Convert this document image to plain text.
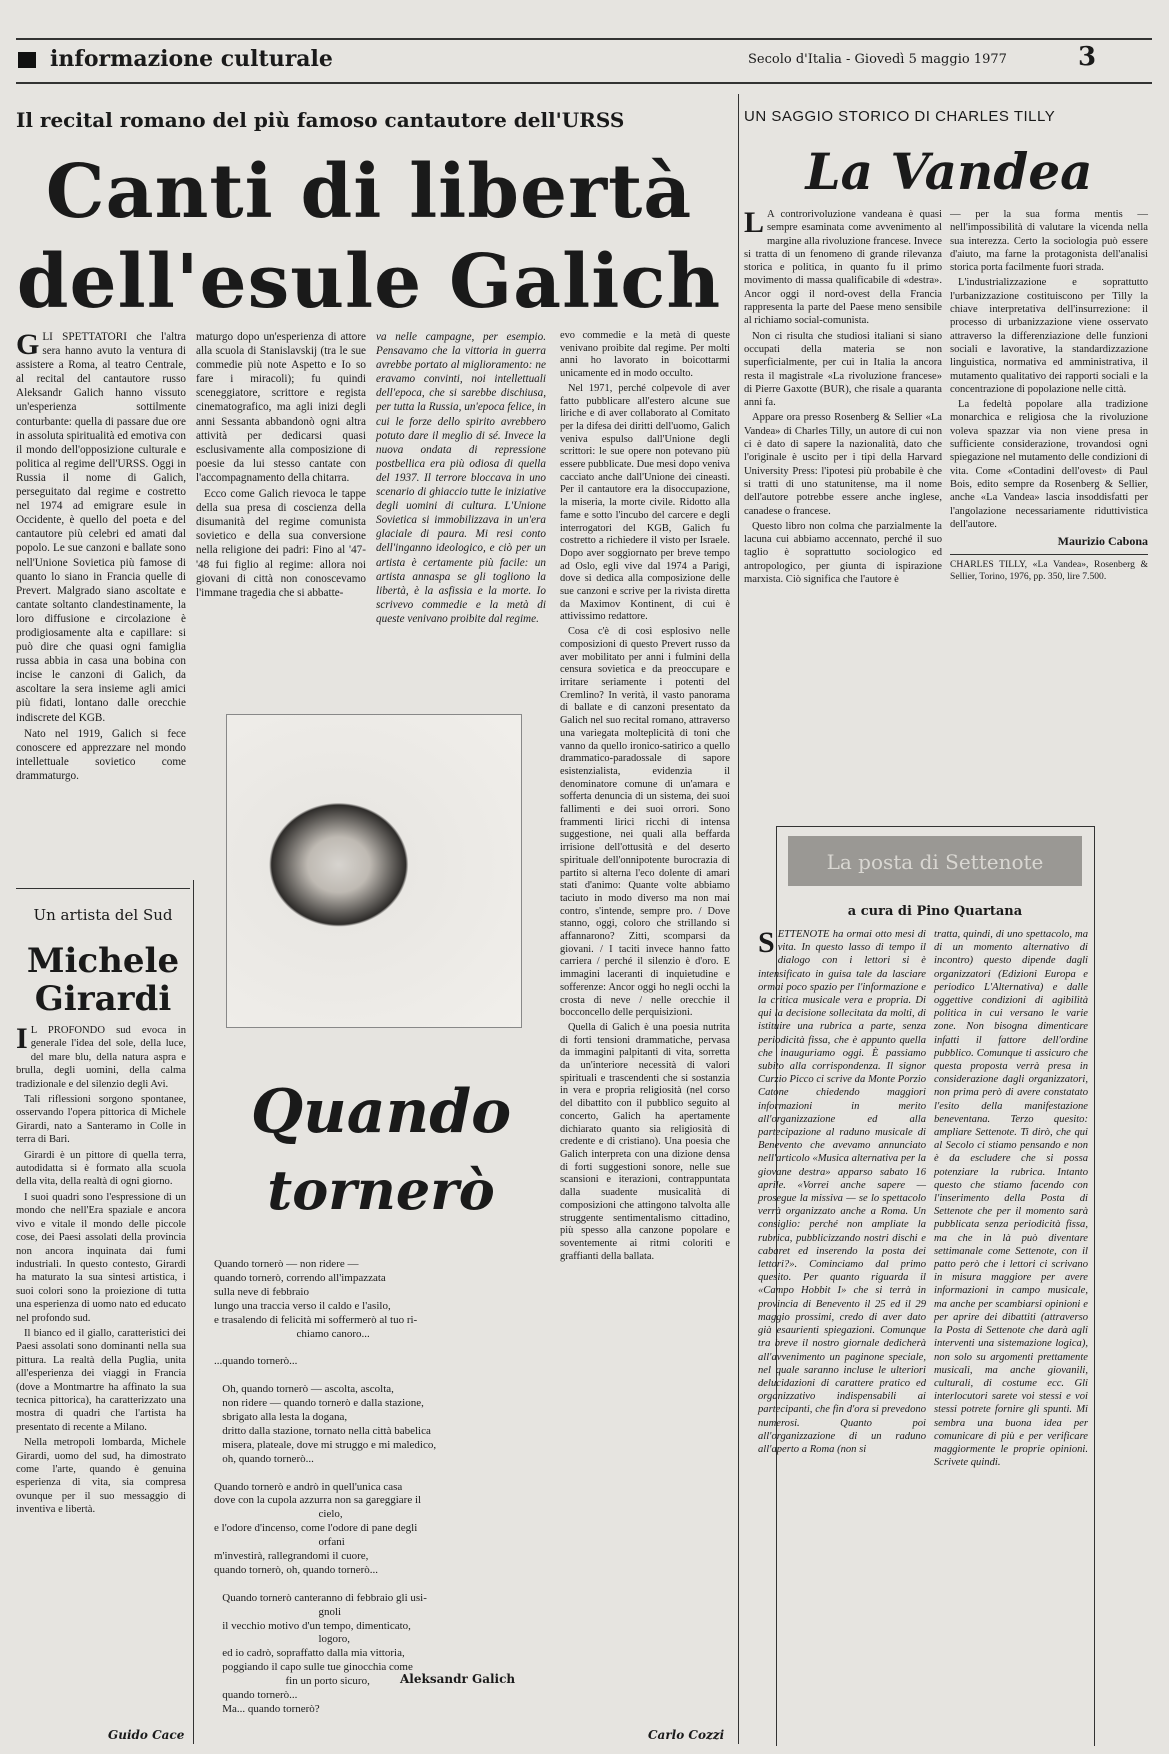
informazione culturale	Secolo d'Italia - Giovedì 5 maggio 1977	3
Il recital romano del più famoso cantautore dell'URSS
Canti di libertà
dell'esule Galich

GLI SPETTATORI che l'altra sera hanno avuto la ventura di assistere a Roma, al teatro Centrale, al recital del cantautore russo Aleksandr Galich hanno vissuto un'esperienza sottilmente conturbante: quella di passare due ore in assoluta spiritualità ed emotiva con il mondo dell'opposizione culturale e politica al regime dell'URSS. Oggi in Russia il nome di Galich, perseguitato dal regime e costretto nel 1974 ad emigrare esule in Occidente, è quello del poeta e del cantautore più celebri ed amati dal popolo. Le sue canzoni e ballate sono nell'Unione Sovietica più famose di quanto lo siano in Francia quelle di Prevert. Malgrado siano ascoltate e cantate soltanto clandestinamente, la loro diffusione e circolazione è prodigiosamente alta e capillare: si può dire che quasi ogni famiglia russa abbia in casa una bobina con incise le canzoni di Galich, da ascoltare la sera insieme agli amici più fidati, lontano dalle orecchie indiscrete del KGB.

Nato nel 1919, Galich si fece conoscere ed apprezzare nel mondo intellettuale sovietico come drammaturgo.

maturgo dopo un'esperienza di attore alla scuola di Stanislavskij (tra le sue commedie più note Aspetto e Io so fare i miracoli); fu quindi sceneggiatore, scrittore e regista cinematografico, ma agli inizi degli anni Sessanta abbandonò ogni altra attività per dedicarsi quasi esclusivamente alla composizione di poesie da lui stesso cantate con l'accompagnamento della chitarra.

Ecco come Galich rievoca le tappe della sua presa di coscienza della disumanità del regime comunista sovietico e della sua conversione nella religione dei padri: Fino al '47-'48 fui figlio al regime: allora noi giovani di città non conoscevamo l'immane tragedia che si abbatte-

va nelle campagne, per esempio. Pensavamo che la vittoria in guerra avrebbe portato al miglioramento: ne eravamo convinti, noi intellettuali dell'epoca, che si sarebbe dischiusa, per tutta la Russia, un'epoca felice, in cui le forze dello spirito avrebbero potuto dare il meglio di sé. Invece la nuova ondata di repressione postbellica era più odiosa di quella del 1937. Il terrore bloccava in uno scenario di ghiaccio tutte le iniziative degli uomini di cultura. L'Unione Sovietica si immobilizzava in un'era glaciale di paura. Mi resi conto dell'inganno ideologico, e ciò per un artista è certamente più facile: un artista annaspa se gli togliono la libertà, è la asfissia e la morte. Io scrivevo commedie e la metà di queste venivano proibite dal regime.

evo commedie e la metà di queste venivano proibite dal regime. Per molti anni ho lavorato in boicottarmi unicamente ed in modo occulto.

Nel 1971, perché colpevole di aver fatto pubblicare all'estero alcune sue liriche e di aver collaborato al Comitato per la difesa dei diritti dell'uomo, Galich veniva espulso dall'Unione degli scrittori: le sue opere non potevano più essere pubblicate. Due mesi dopo veniva cacciato anche dall'Unione dei cineasti. Per il cantautore era la disoccupazione, la miseria, la morte civile. Ridotto alla fame e sotto l'incubo del carcere e degli interrogatori del KGB, Galich fu costretto a richiedere il visto per Israele. Dopo aver soggiornato per breve tempo ad Oslo, egli vive dal 1974 a Parigi, dove si dedica alla composizione delle sue canzoni e scrive per la rivista diretta da Maximov Kontinent, di cui è attivissimo redattore.

Cosa c'è di così esplosivo nelle composizioni di questo Prevert russo da aver mobilitato per anni i fulmini della censura sovietica e da preoccupare e irritare seriamente i potenti del Cremlino? In verità, il vasto panorama di ballate e di canzoni presentato da Galich nel suo recital romano, attraverso una variegata molteplicità di toni che vanno da quello ironico-satirico a quello drammatico-paradossale di sapore esistenzialista, evidenzia il denominatore comune di un'amara e sofferta denuncia di un sistema, dei suoi fallimenti e dei suoi orrori. Sono frammenti lirici ricchi di intensa suggestione, nei quali alla beffarda irrisione dell'ottusità e del deserto spirituale dell'onnipotente burocrazia di partito si alterna l'eco dolente di amari stati d'animo: Quante volte abbiamo taciuto in modo diverso ma non mai contro, s'intende, sempre pro. / Dove stanno, oggi, coloro che strillando si affannarono? Zitti, scomparsi da giovani. / I taciti invece hanno fatto carriera / perché il silenzio è d'oro. E immagini laceranti di inquietudine e sofferenze: Ancor oggi ho negli occhi la crosta di neve / nelle orecchie il bocconcello delle perquisizioni.

Quella di Galich è una poesia nutrita di forti tensioni drammatiche, pervasa da immagini palpitanti di vita, sorretta da un'interiore necessità di valori spirituali e trascendenti che si sostanzia in vera e propria religiosità (nel corso del dibattito con il pubblico seguito al concerto, Galich ha apertamente dichiarato quanto sia religiosità di credente e di cristiano). Una poesia che Galich interpreta con una dizione densa di forti suggestioni sonore, nelle sue scansioni e iterazioni, contrappuntata dalla suadente musicalità di composizioni che attingono talvolta alle struggente sentimentalismo cittadino, più spesso alla canzone popolare e soventemente ai ritmi coloriti e graffianti della ballata.

Carlo Cozzi
UN SAGGIO STORICO DI CHARLES TILLY
La Vandea

L A controrivoluzione vandeana è quasi sempre esaminata come avvenimento al margine alla rivoluzione francese. Invece si tratta di un fenomeno di grande rilevanza storica e politica, in quanto fu il primo movimento di massa qualificabile di «destra». Ancor oggi il nord-ovest della Francia rappresenta la parte del Paese meno sensibile al richiamo social-comunista.

Non ci risulta che studiosi italiani si siano occupati della materia se non superficialmente, per cui in Italia la ancora resta il magistrale «La rivoluzione francese» di Pierre Gaxotte (BUR), che risale a quaranta anni fa.

Appare ora presso Rosenberg & Sellier «La Vandea» di Charles Tilly, un autore di cui non ci è dato di sapere la nazionalità, dato che l'originale è uscito per i tipi della Harvard University Press: l'ipotesi più probabile è che si tratti di uno statunitense, ma il nome dell'autore potrebbe essere anche inglese, canadese o francese.

Questo libro non colma che parzialmente la lacuna cui abbiamo accennato, perché il suo taglio è soprattutto sociologico ed antropologico, per giunta di ispirazione marxista. Ciò significa che l'autore è

— per la sua forma mentis — nell'impossibilità di valutare la vicenda nella sua interezza. Certo la sociologia può essere d'aiuto, ma farne la protagonista dell'analisi storica porta facilmente fuori strada.

L'industrializzazione e soprattutto l'urbanizzazione costituiscono per Tilly la chiave interpretativa dell'insurrezione: il processo di urbanizzazione viene osservato attraverso la differenziazione delle funzioni sociali e lavorative, la standardizzazione linguistica, normativa ed amministrativa, il mutamento qualitativo dei rapporti sociali e la concentrazione di popolazione nelle città.

La fedeltà popolare alla tradizione monarchica e religiosa che la rivoluzione voleva spazzar via non viene presa in sufficiente considerazione, trovandosi ogni spiegazione nel mutamento delle condizioni di vita. Come «Contadini dell'ovest» di Paul Bois, edito sempre da Rosenberg & Sellier, anche «La Vandea» lascia insoddisfatti per l'angolazione necessariamente riduttivistica dell'autore.

Maurizio Cabona
CHARLES TILLY, «La Vandea», Rosenberg & Sellier, Torino, 1976, pp. 350, lire 7.500.
La posta di Settenote
a cura di Pino Quartana

SETTENOTE ha ormai otto mesi di vita. In questo lasso di tempo il dialogo con i lettori si è intensificato in guisa tale da lasciare ormai poco spazio per l'informazione e la critica musicale vera e propria. Di qui la decisione sollecitata da molti, di istituire una rubrica a parte, senza periodicità fissa, che è appunto quella che inauguriamo oggi. È passiamo subito alla corrispondenza. Il signor Curzio Picco ci scrive da Monte Porzio Catone chiedendo maggiori informazioni in merito all'organizzazione ed alla partecipazione al raduno musicale di Benevento che avevamo annunciato nell'articolo «Musica alternativa per la giovane destra» apparso sabato 16 aprile. «Vorrei anche sapere — prosegue la missiva — se lo spettacolo verrà organizzato anche a Roma. Un consiglio: perché non ampliate la rubrica, pubblicizzando nostri dischi e cabaret ed inserendo la posta dei lettori?». Cominciamo dal primo quesito. Per quanto riguarda il «Campo Hobbit I» che si terrà in provincia di Benevento il 25 ed il 29 maggio prossimi, credo di aver dato già esaurienti spiegazioni. Comunque tra breve il nostro giornale dedicherà all'avvenimento un paginone speciale, nel quale saranno incluse le ulteriori delucidazioni di carattere pratico ed organizzativo indispensabili ai partecipanti, che fin d'ora si prevedono numerosi. Quanto poi all'organizzazione di un raduno all'aperto a Roma (non si

tratta, quindi, di uno spettacolo, ma di un momento alternativo di incontro) questo dipende dagli organizzatori (Edizioni Europa e periodico L'Alternativa) e dalle oggettive condizioni di agibilità politica in cui versano le varie zone. Non bisogna dimenticare infatti il fattore dell'ordine pubblico. Comunque ti assicuro che questa proposta verrà presa in considerazione dagli organizzatori, non prima però di avere constatato l'esito della manifestazione beneventana. Terzo quesito: ampliare Settenote. Ti dirò, che qui al Secolo ci stiamo pensando e non è da escludere che si possa potenziare la rubrica. Intanto questo che stiamo facendo con l'inserimento della Posta di Settenote che per il momento sarà pubblicata senza periodicità fissa, ma che in là può diventare settimanale come Settenote, con il patto però che i lettori ci scrivano in misura maggiore per avere informazioni in campo musicale, ma anche per scambiarsi opinioni e per aprire dei dibattiti (attraverso la Posta di Settenote che darà agli interventi una sistemazione logica), non solo su argomenti prettamente musicali, ma anche giovanili, culturali, di costume ecc. Gli interlocutori sarete voi stessi e voi stessi potrete fornire gli spunti. Mi sembra una buona idea per comunicare di più e per verificare maggiormente le proprie opinioni. Scrivete quindi.

Un artista del Sud
Michele
Girardi

I L PROFONDO sud evoca in generale l'idea del sole, della luce, del mare blu, della natura aspra e brulla, degli uomini, della calma tradizionale e del silenzio degli Avi.

Tali riflessioni sorgono spontanee, osservando l'opera pittorica di Michele Girardi, nato a Santeramo in Colle in terra di Bari.

Girardi è un pittore di quella terra, autodidatta si è formato alla scuola della vita, della realtà di ogni giorno.

I suoi quadri sono l'espressione di un mondo che nell'Era spaziale e ancora vivo e vitale il mondo delle piccole cose, dei Paesi assolati della provincia non ancora inquinata dai fumi industriali. In questo contesto, Girardi ha maturato la sua sintesi artistica, i suoi colori sono la proiezione di tutta una esperienza di uomo nato ed educato nel profondo sud.

Il bianco ed il giallo, caratteristici dei Paesi assolati sono dominanti nella sua pittura. La realtà della Puglia, unita all'esperienza dei viaggi in Francia (dove a Montmartre ha affinato la sua tecnica pittorica), ha caratterizzato una mostra di quadri che l'artista ha presentato di recente a Milano.

Nella metropoli lombarda, Michele Girardi, uomo del sud, ha dimostrato come l'arte, quando è genuina esperienza di vita, sia compresa ovunque per il suo messaggio di inventiva e libertà.

Guido Cace
Quando
tornerò
Quando tornerò — non ridere —
quando tornerò, correndo all'impazzata
sulla neve di febbraio
lungo una traccia verso il caldo e l'asilo,
e trasalendo di felicità mi soffermerò al tuo ri-
chiamo canoro...

...quando tornerò...

Oh, quando tornerò — ascolta, ascolta,
non ridere — quando tornerò e dalla stazione,
sbrigato alla lesta la dogana,
dritto dalla stazione, tornato nella città babelica
misera, plateale, dove mi struggo e mi maledico,
oh, quando tornerò...

Quando tornerò e andrò in quell'unica casa
dove con la cupola azzurra non sa gareggiare il
cielo,
e l'odore d'incenso, come l'odore di pane degli
orfani
m'investirà, rallegrandomi il cuore,
quando tornerò, oh, quando tornerò...

Quando tornerò canteranno di febbraio gli usi-
gnoli
il vecchio motivo d'un tempo, dimenticato,
logoro,
ed io cadrò, sopraffatto dalla mia vittoria,
poggiando il capo sulle tue ginocchia come
fin un porto sicuro,
quando tornerò...
Ma... quando tornerò?
Aleksandr Galich
